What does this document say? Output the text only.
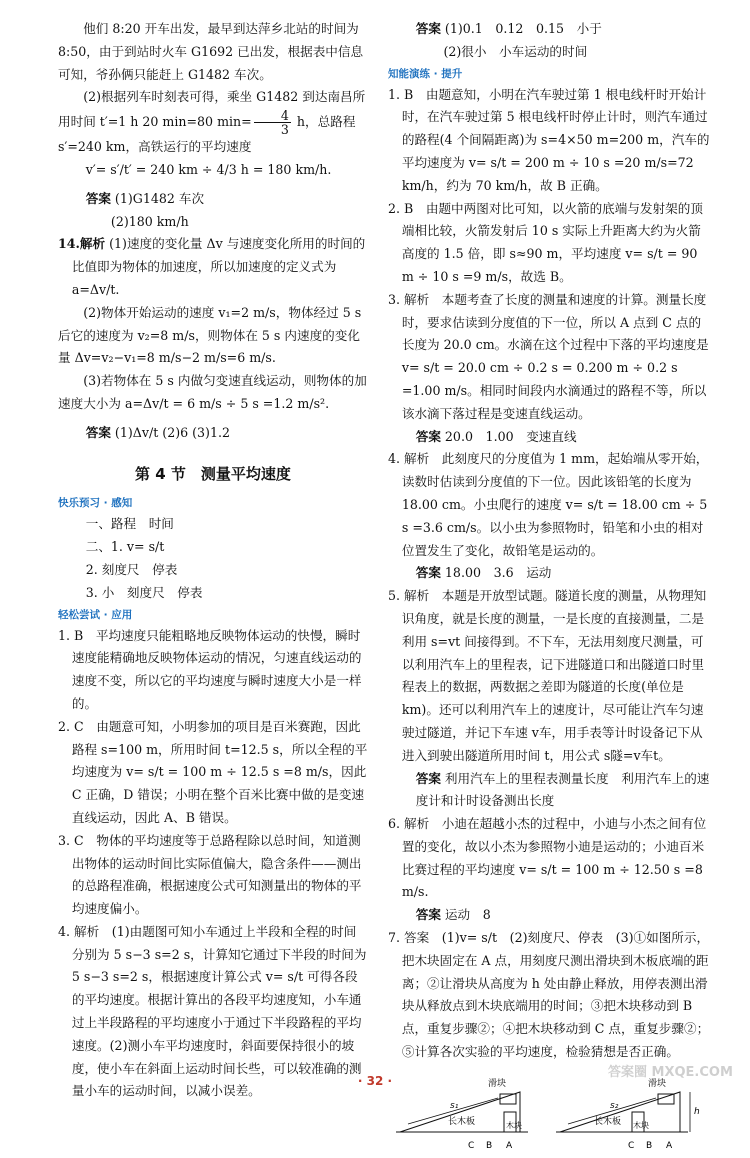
他们 8:20 开车出发，最早到达萍乡北站的时间为 8:50，由于到站时火车 G1692 已出发，根据表中信息可知，爷孙俩只能赶上 G1482 车次。

(2)根据列车时刻表可得，乘坐 G1482 到达南昌所用时间 t′=1 h 20 min=80 $\min= \frac{4}{3}$ h，总路程 s′=240 km，高铁运行的平均速度

v′= s′/t′ = 240 km ÷ 4/3 h = 180 km/h.

答案 (1)G1482 车次

(2)180 km/h

14.解析 (1)速度的变化量 Δv 与速度变化所用的时间的比值即为物体的加速度，所以加速度的定义式为 a=Δv/t.

(2)物体开始运动的速度 v₁=2 m/s，物体经过 5 s 后它的速度为 v₂=8 m/s，则物体在 5 s 内速度的变化量 Δv=v₂−v₁=8 m/s−2 m/s=6 m/s.

(3)若物体在 5 s 内做匀变速直线运动，则物体的加速度大小为 a=Δv/t = 6 m/s ÷ 5 s =1.2 m/s².

答案 (1)Δv/t (2)6 (3)1.2

第 4 节　测量平均速度
快乐预习 · 感知

一、路程　时间

二、1. v= s/t

2. 刻度尺　停表

3. 小　刻度尺　停表

轻松尝试 · 应用

1. B　平均速度只能粗略地反映物体运动的快慢，瞬时速度能精确地反映物体运动的情况，匀速直线运动的速度不变，所以它的平均速度与瞬时速度大小是一样的。

2. C　由题意可知，小明参加的项目是百米赛跑，因此路程 s=100 m，所用时间 t=12.5 s，所以全程的平均速度为 v= s/t = 100 m ÷ 12.5 s =8 m/s，因此 C 正确，D 错误；小明在整个百米比赛中做的是变速直线运动，因此 A、B 错误。

3. C　物体的平均速度等于总路程除以总时间，知道测出物体的运动时间比实际值偏大，隐含条件——测出的总路程准确，根据速度公式可知测量出的物体的平均速度偏小。

4. 解析　(1)由题图可知小车通过上半段和全程的时间分别为 5 s−3 s=2 s，计算知它通过下半段的时间为 5 s−3 s=2 s，根据速度计算公式 v= s/t 可得各段的平均速度。根据计算出的各段平均速度知，小车通过上半段路程的平均速度小于通过下半段路程的平均速度。(2)测小车平均速度时，斜面要保持很小的坡度，使小车在斜面上运动时间长些，可以较准确的测量小车的运动时间，以减小误差。

答案 (1)0.1　0.12　0.15　小于

(2)很小　小车运动的时间

知能演练 · 提升

1. B　由题意知，小明在汽车驶过第 1 根电线杆时开始计时，在汽车驶过第 5 根电线杆时停止计时，则汽车通过的路程(4 个间隔距离)为 s=4×50 m=200 m，汽车的平均速度为 v= s/t = 200 m ÷ 10 s =20 m/s=72 km/h，约为 70 km/h，故 B 正确。

2. B　由题中两图对比可知，以火箭的底端与发射架的顶端相比较，火箭发射后 10 s 实际上升距离大约为火箭高度的 1.5 倍，即 s≈90 m，平均速度 v= s/t = 90 m ÷ 10 s =9 m/s，故选 B。

3. 解析　本题考查了长度的测量和速度的计算。测量长度时，要求估读到分度值的下一位，所以 A 点到 C 点的长度为 20.0 cm。水滴在这个过程中下落的平均速度是 v= s/t = 20.0 cm ÷ 0.2 s = 0.200 m ÷ 0.2 s =1.00 m/s。相同时间段内水滴通过的路程不等，所以该水滴下落过程是变速直线运动。

答案 20.0　1.00　变速直线

4. 解析　此刻度尺的分度值为 1 mm，起始端从零开始，读数时估读到分度值的下一位。因此该铅笔的长度为 18.00 cm。小虫爬行的速度 v= s/t = 18.00 cm ÷ 5 s =3.6 cm/s。以小虫为参照物时，铅笔和小虫的相对位置发生了变化，故铅笔是运动的。

答案 18.00　3.6　运动

5. 解析　本题是开放型试题。隧道长度的测量，从物理知识角度，就是长度的测量，一是长度的直接测量，二是利用 s=vt 间接得到。不下车，无法用刻度尺测量，可以利用汽车上的里程表，记下进隧道口和出隧道口时里程表上的数据，两数据之差即为隧道的长度(单位是 km)。还可以利用汽车上的速度计，尽可能让汽车匀速驶过隧道，并记下车速 v车，用手表等计时设备记下从进入到驶出隧道所用时间 t，用公式 s隧=v车t。

答案 利用汽车上的里程表测量长度　利用汽车上的速度计和计时设备测出长度

6. 解析　小迪在超越小杰的过程中，小迪与小杰之间有位置的变化，故以小杰为参照物小迪是运动的；小迪百米比赛过程的平均速度 v= s/t = 100 m ÷ 12.50 s =8 m/s.

答案 运动　8

7. 答案　(1)v= s/t　(2)刻度尺、停表　(3)①如图所示，把木块固定在 A 点，用刻度尺测出滑块到木板底端的距离；②让滑块从高度为 h 处由静止释放，用停表测出滑块从释放点到木块底端用的时间；③把木块移动到 B 点，重复步骤②；④把木块移动到 C 点，重复步骤②；⑤计算各次实验的平均速度，检验猜想是否正确。

滑块
长木板	木块
s₁
C B A
滑块
长木板 木块
s₂
h
C B A
· 32 ·
答案圈 MXQE.COM
